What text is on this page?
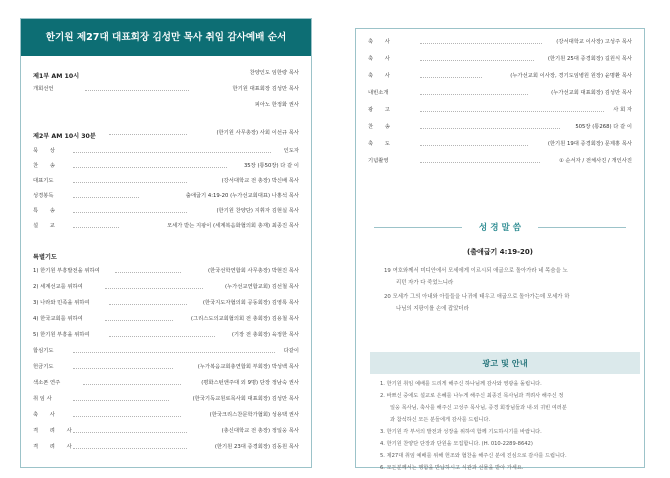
한기원 제27대 대표회장 김성만 목사 취임 감사예배 순서
제1부 AM 10시	찬양인도 임한량 목사
개회선언	한기원 대표회장 김성만 목사
피아노 한정화 권사
제2부 AM 10시 30분	(한기원 사무총장) 사회 이선규 목사
묵 상	인도자
찬 송	35장 (통50장) 다 같 이
대표기도	(강서대학교 전 총장) 박신배 목사
성경봉독	출애굽기 4:19-20 (누가선교회대표) 나홍석 목사
특 송	(한기원 찬양단) 지휘자 김현실 목사
설 교	모세가 받는 지팡이 (세계복음화협의회 총재) 최종진 목사
특별기도
1) 한기원 부흥발전을 위하여	(한국선학연합회 사무총장) 박현진 목사
2) 세계선교를 위하여	(누가선교연합교회) 김선철 목사
3) 나라와 민족을 위하여	(한국지도자협의회 공동회장) 김영록 목사
4) 한국교회를 위하여	(그리스도의교회협의회 전 총회장) 김용철 목사
5) 한기원 부흥을 위하여	(기장 전 총회장) 육정한 목사
합심기도	다같이
헌금기도	(누가복음교회총연합회 부회장) 박성백 목사
색소폰 연주	(평화스턴앤주대 외 9명) 단장 정남숙 권사
취 임 사	(한국기독교원로목사회 대표회장) 김성만 목사
축 사	(한국크리스찬문학가협회) 성용택 권사
격 려 사	(총신대학교 전 총장) 정일웅 목사
격 려 사	(한기원 23대 증경회장) 김동원 목사
축 사	(강서대학교 이사장) 고성주 목사
축 사	(한기원 25대 증경회장) 길원식 목사
축 사	(누가선교회 이사장, 경기도임병원 원장) 윤명환 목사
내빈소개	(누가선교회 대표회장) 김성만 목사
광 고	사 회 자
찬 송	505장 (통268) 다 같 이
축 도	(한기원 19대 증경회장) 문제홍 목사
기념촬영	① 순서자 / 전체사진 / 개인사진
성 경 말 씀
(출애굽기 4:19-20)
19 여호와께서 미디안에서 모세에게 이르시되 애굽으로 돌아가라 네 목숨을 노
리던 자가 다 죽었느니라
20 모세가 그의 아내와 아들들을 나귀에 태우고 애굽으로 돌아가는데 모세가 하
나님의 지팡이를 손에 잡았더라
광고 및 안내
1. 한기원 취임 예배를 드리게 해주신 하나님께 감사와 영광을 돌립니다.
2. 바쁘신 중에도 설교로 은혜를 나누게 해주신 최종진 목사님과 격려사 해주신 정
일웅 목사님, 축사를 해주신 고성주 목사님, 증경 회장님들과 내·외 귀빈 여러분
과 참석하신 모든 분들에게 감사를 드립니다.
3. 한기원 각 부서의 발전과 성장을 위하여 함께 기도하시기를 바랍니다.
4. 한기원 찬양단 단장과 단원을 모집합니다. (H. 010-2289-8642)
5. 제27대 취임 예배를 위해 헌조와 협찬을 해주신 분에 진심으로 감사를 드립니다.
6. 모든분께서는 행함을 반납하시고 식관과 선물을 받아 가세요.
